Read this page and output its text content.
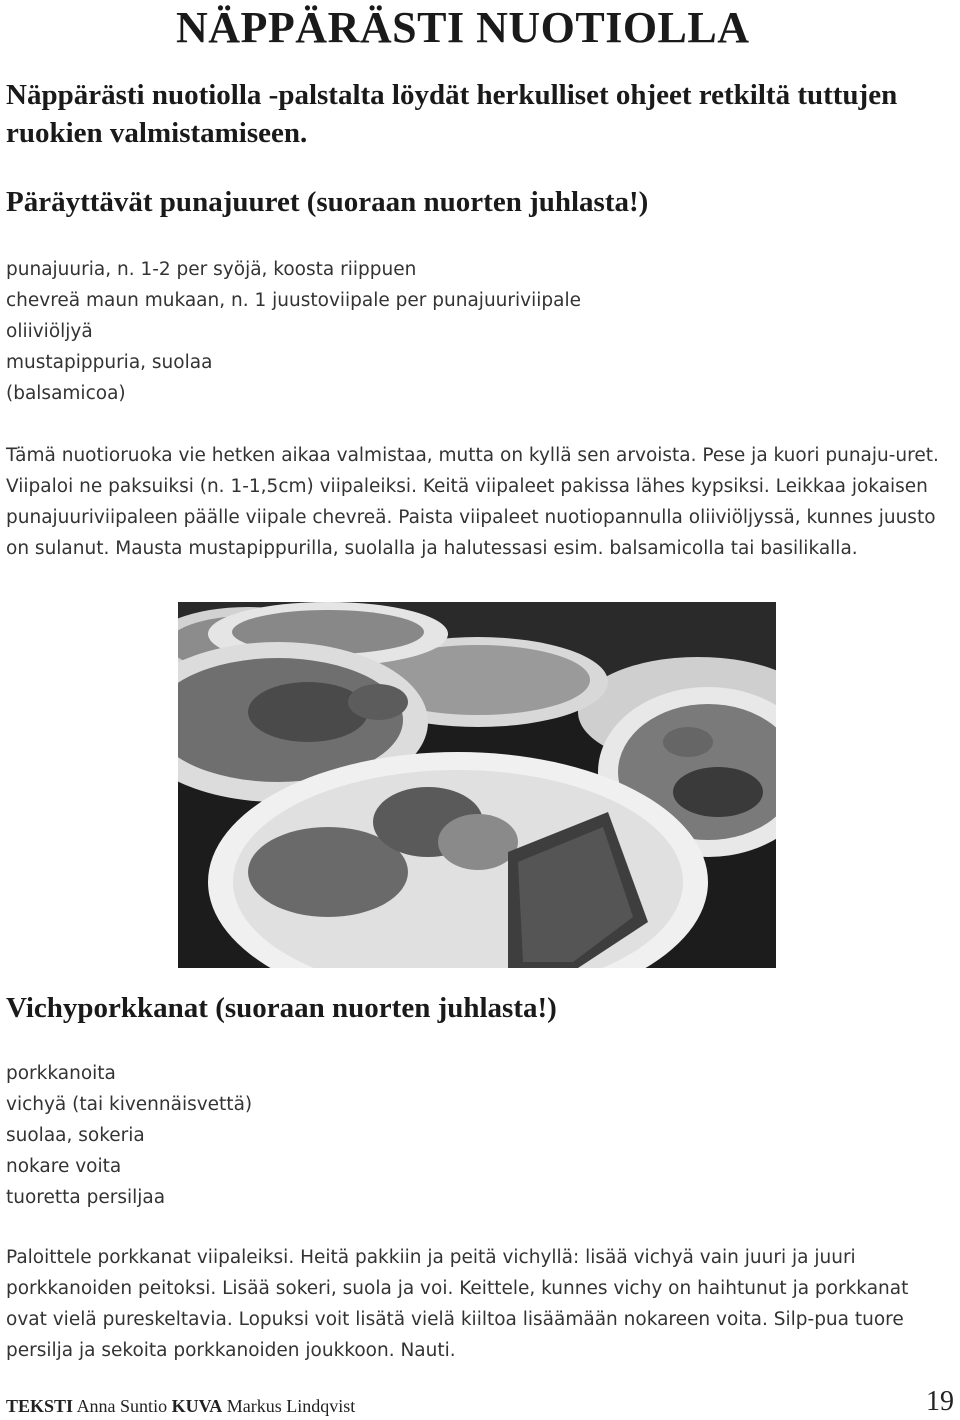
NÄPPÄRÄSTI NUOTIOLLA

Näppärästi nuotiolla -palstalta löydät herkulliset ohjeet retkiltä tuttujen ruokien valmistamiseen.

Päräyttävät punajuuret (suoraan nuorten juhlasta!)
punajuuria, n. 1-2 per syöjä, koosta riippuen
chevreä maun mukaan, n. 1 juustoviipale per punajuuriviipale
oliiviöljyä
mustapippuria, suolaa
(balsamicoa)

Tämä nuotioruoka vie hetken aikaa valmistaa, mutta on kyllä sen arvoista. Pese ja kuori punaju-uret. Viipaloi ne paksuiksi (n. 1-1,5cm) viipaleiksi. Keitä viipaleet pakissa lähes kypsiksi. Leikkaa jokaisen punajuuriviipaleen päälle viipale chevreä. Paista viipaleet nuotiopannulla oliiviöljyssä, kunnes juusto on sulanut. Mausta mustapippurilla, suolalla ja halutessasi esim. balsamicolla tai basilikalla.

Vichyporkkanat (suoraan nuorten juhlasta!)
porkkanoita
vichyä (tai kivennäisvettä)
suolaa, sokeria
nokare voita
tuoretta persiljaa

Paloittele porkkanat viipaleiksi. Heitä pakkiin ja peitä vichyllä: lisää vichyä vain juuri ja juuri porkkanoiden peitoksi. Lisää sokeri, suola ja voi. Keittele, kunnes vichy on haihtunut ja porkkanat ovat vielä pureskeltavia. Lopuksi voit lisätä vielä kiiltoa lisäämään nokareen voita. Silp-pua tuore persilja ja sekoita porkkanoiden joukkoon. Nauti.

TEKSTI Anna Suntio KUVA Markus Lindqvist	19
